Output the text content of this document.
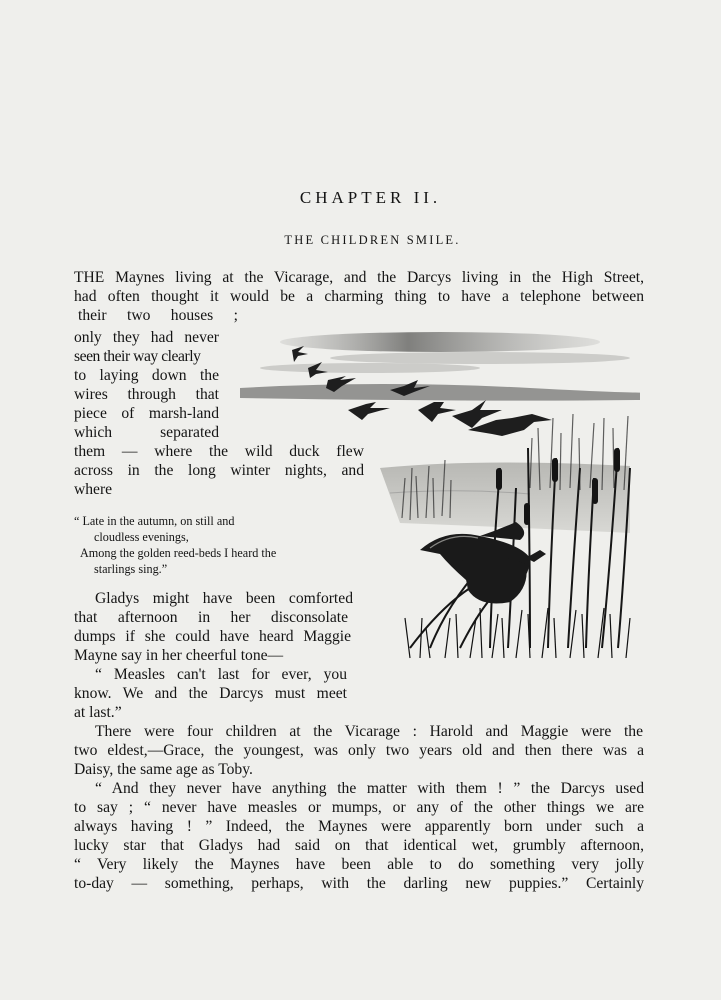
CHAPTER II.
THE CHILDREN SMILE.
THE Maynes living at the Vicarage, and the Darcys living in the High Street,
had often thought it would be a charming thing to have a telephone between
their two houses ;
only they had never
seen their way clearly
to laying down the
wires through that
piece of marsh-land
which separated
them — where the wild duck flew
across in the long winter nights, and
where
“ Late in the autumn, on still and
cloudless evenings,
Among the golden reed-beds I heard the
starlings sing.”
Gladys might have been comforted
that afternoon in her disconsolate
dumps if she could have heard Maggie
Mayne say in her cheerful tone—
“ Measles can't last for ever, you
know. We and the Darcys must meet
at last.”
There were four children at the Vicarage : Harold and Maggie were the
two eldest,—Grace, the youngest, was only two years old and then there was a
Daisy, the same age as Toby.
“ And they never have anything the matter with them ! ” the Darcys used
to say ; “ never have measles or mumps, or any of the other things we are
always having ! ” Indeed, the Maynes were apparently born under such a
lucky star that Gladys had said on that identical wet, grumbly afternoon,
“ Very likely the Maynes have been able to do something very jolly
to-day — something, perhaps, with the darling new puppies.” Certainly
